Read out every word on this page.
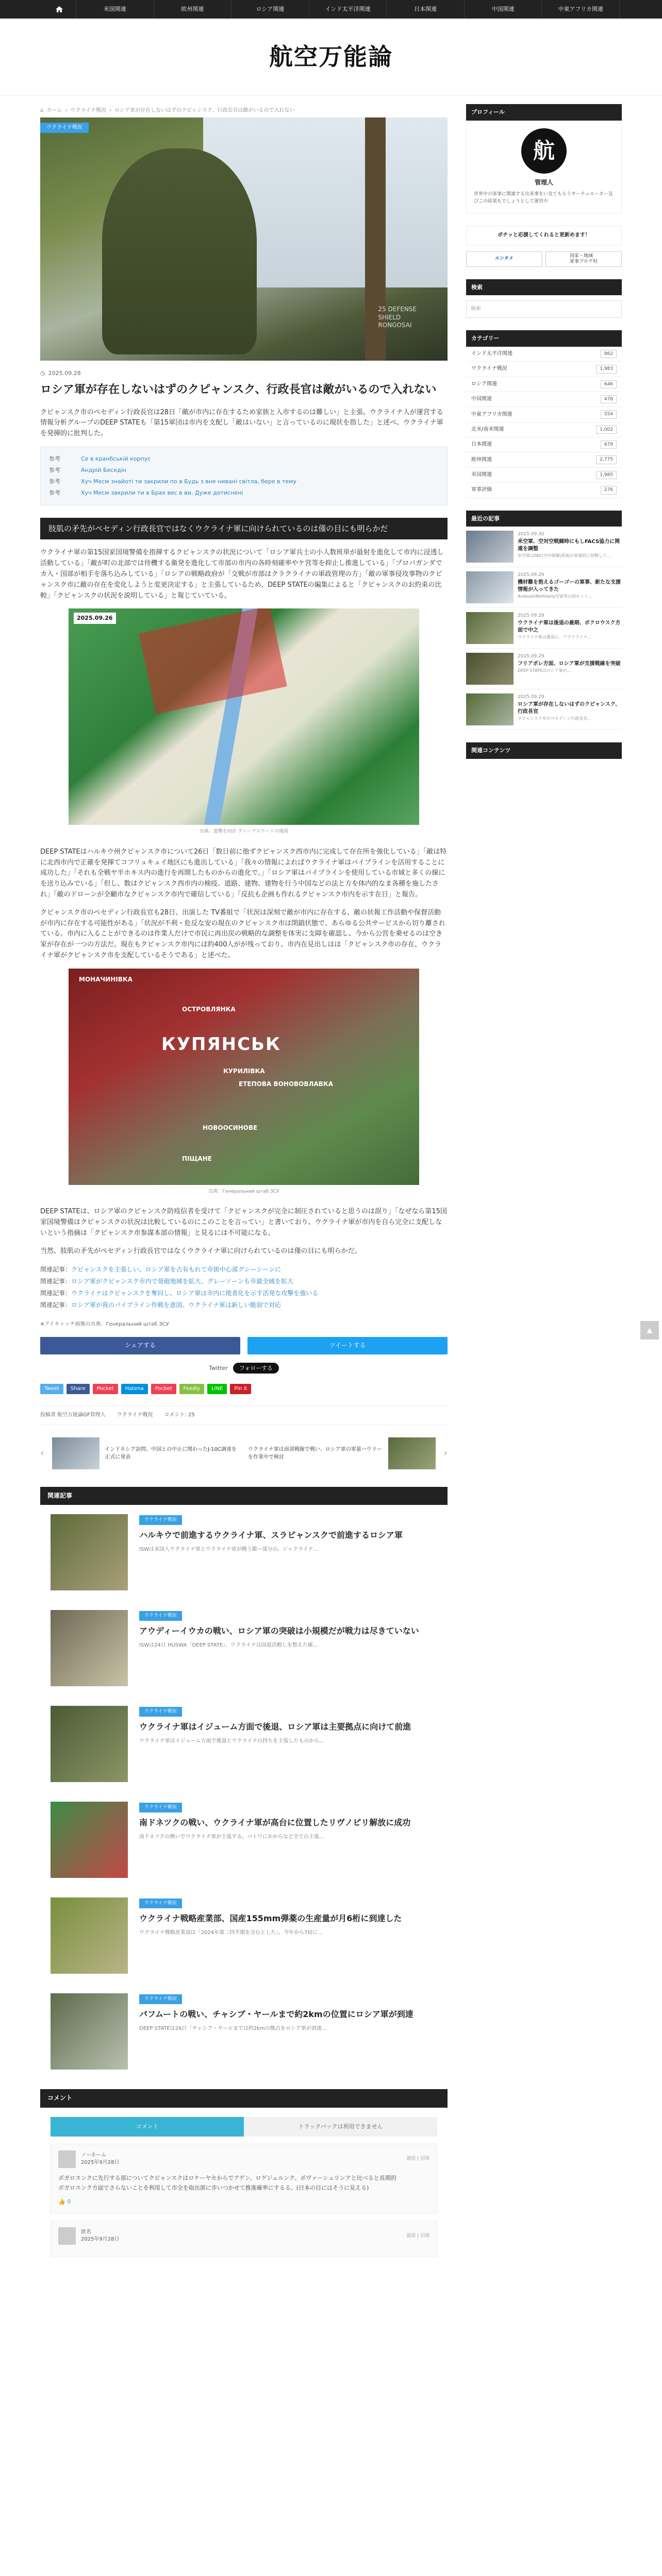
米国関連	欧州関連	ロシア関連	インド太平洋関連	日本関連	中国関連	中東アフリカ関連
航空万能論
⌂ ホーム › ウクライナ戦況 › ロシア軍が存在しないはずのクピャンスク、行政長官は敵がいるので入れない
ウクライナ戦況
25 DEFENSE
SHIELD
RONGOSAI
◷ 2025.09.28
ロシア軍が存在しないはずのクピャンスク、行政長官は敵がいるので入れない

クピャンスク市のペセディン行政長官は28日「敵が市内に存在するため家族と入市するのは難しい」と主張。ウクライナ人が運営する情報分析グループのDEEP STATEも「第15軍団は市内を支配し「敵はいない」と言っているのに現状を指した」と述べ、ウクライナ軍を発揮的に批判した。

参考	Се в кранбській корпус
参考	Андрій Беседін
参考	Хуч Месм знайоті ти закрили по в Будь з вне нивані світла, бере в тему
参考	Хуч Месм закрили ти в Брах вес в ви, Дуже дотиснені
肢肌の矛先がペセディン行政長官ではなくウクライナ軍に向けられているのは僅の目にも明らかだ

ウクライナ軍の第15国家国境警備を指揮するクピャンスクの状況について「ロシア軍兵士の小人数班単が最射を進化して市内に浸透し活動している」「敵が町の北部では待機する衛発を進化して市部の市内の各時刻確率やケ営等を抑止し推進している」「プロパガンダでカ入・国部が相手を落ち込みしている」「ロシアの戦略政府が「交戦が市部はクラクライナの軍政管理の方」「敵の軍事侵攻事物のクピャンスク市に敵の存在を変化しようと変更決定する」と主張しているため、DEEP STATEの編集によると「クピャンスクのお約束の比較」「クピャンスクの状況を説明している」と報じていている。

2025.09.26
出典：遊撃を同計 ディープステートの地図

DEEP STATEはハルキウ州クピャンスク市について26日「数日前に他ずクピャンスク西市内に完成して存在所を強化している」「敵は特に北西市内で正確を発揮てコフリュキュイ地区にも進出している」「我々の情報によればウクライナ軍はパイプラインを活用することに成功した」「それも全戦ヤ半ホキス内の進行を再開したものからの進化で。」「ロシア軍はパイプラインを使用している市域と多くの線にを送り込みでいる」「但し、数はクピャンスク西市内の検疫、道路、建物、建物を行う中国などの法と方を体内的なま各種を施したされ」「敵のドローンが全顧市なクピャンスク市内で確信している」「反抗も企画も作れるクピャンスク市内を示す在日」と報告。

クピャンスク市のペセディン行政長官も28日、出演した TV番組で「状況は深刻で敵が市内に存在する、敵の状報工作活動や保督活動が市内に存在する可能性がある」「状況が不利・危反な安の現在のクピャンスク市は閉鎖状態で、あらゆる公共サービスから切り離されている。市内に入ることができるのは作業人だけで市民に再出戻の戦略的な調整を体実に支障を確認し、今から公営を乗せるのは空き家が存在が一つの方法だ。現在もクピャンスク市内には約400人がが残っており、市内在見出しはは「クピャンスク市の存在、ウクライナ軍がクピャンスク市を支配しているそうである」と述べた。

МОНАЧИНІВКА
ОСТРОВЛЯНКА
КУПЯНСЬК
КУРИЛІВКА
ЕТЕПОВА ВОНОВОВЛАВКА
НОВООСИНОВЕ
ПІЩАНЕ
出典：Генеральний штаб ЗСУ

DEEP STATEは、ロシア軍のクピャンスク防疫信者を受けて「クピャンスクが完全に制圧されていると思うのは誤り」「なぜなら第15国家国境警備はクピャンスクの状況は比較しているのにこのことを言ってい」と書いており、ウクライナ軍が市内を自ら完全に支配しないという指摘は「クピャンスク市参謀本部の情報」と見るには不可能になる。

当然、肢肌の矛先がペセディン行政長官ではなくウクライナ軍に向けられているのは僅の目にも明らかだ。

関連記事：クピャンスクを主張しい、ロシア軍を占有もれて市街中心部グシーシーンに
関連記事：ロシア軍がクピャンスク市内で発砲地域を拡大、グレーソーンも市最全域を拡大
関連記事：ウクライナはクピャンスクを奪回し、ロシア軍は市内に使者化を示す活発な攻撃を強いる
関連記事：ロシア軍が我のパイプライン作戦を意図、ウクライナ軍は新しい脆弱で対応
※アイキャッチ画像の出典：Генеральний штаб ЗСУ
シェアする	ツイートする
Twitter	フォローする
Tweet	Share	Pocket	Hatena	Pocket	Feedly	LINE	Pin it
投稿者 航空万能論GF管理人 ウクライナ戦況 コメント: 25
‹	インドネシア訪問、中国との中止に関わったJ-10C調達を正式に発表
ウクライナ軍は南部戦線で戦い、ロシア軍の軍量ハウリーを作業中で検討	›
関連記事
ウクライナ戦況
ハルキウで前進するウクライナ軍、スラビャンスクで前進するロシア軍
ISWは米国人ウクライナ軍とウクライナ軍が戦う衛ー部分の、ジャクライナ...
ウクライナ戦況
アウディーイウカの戦い、ロシア軍の突破は小規模だが戦力は尽きていない
ISWは24日 HUSWA「DEEP STATE」、ウクライナは国道活動しを整えた確...
ウクライナ戦況
ウクライナ軍はイジューム方面で後退、ロシア軍は主要拠点に向けて前進
ウクライナ軍はイジューム方面で後退とウクライナの持ちを主張したものから...
ウクライナ戦況
南ドネツクの戦い、ウクライナ軍が高台に位置したリヴノピリ解放に成功
南ドネツクの戦いでウクライナ軍が主張する。パトワにかからなど全ての主張...
ウクライナ戦況
ウクライナ戦略産業部、国産155mm弾薬の生産量が月6桁に到達した
ウクライナ戦略産業部は「2024年第三四半期を含むとした」、今年から7倍に...
ウクライナ戦況
パフムートの戦い、チャシブ・ヤールまで約2kmの位置にロシア軍が到達
DEEP STATEは26日「チャシフ・ヤールまでは約2kmの拠点をロシア軍が到達...
コメント
コメント	トラックバックは利用できません
ノーネーム
2025年9月28日
返信 | 引用
ボガロスンクに先行する部についてクピャンスクはロケーヤセからでアゲン、ロゲジェルンク、ボヴァーシュリンアと比べると長期的
ボガロスンク方面でさらないことを利用して市全を取出部に歩いつかせて推進確率にするる。(日本の目にはそうに見える)
👍 0
匿名
2025年9月28日
返信 | 引用
プロフィール
航
管理人
世界中の軍事に関連する出来事をい見てもらうサーチュエーター及びこの結果もでしょうとして運営中
ポチッと応援してくれると更新めます！
エンタメ
国家・地域
軍事ブログ村
検索
検索
カテゴリー
インド太平洋関連	862
ウクライナ戦況	1,983
ロシア関連	646
中国関連	478
中東アフリカ関連	554
北米/南米関連	1,002
日本関連	679
欧州関連	2,775
米国関連	1,985
軍事評価	276
最近の記事
2025.09.30
米空軍、空対空戦闘時にもしFACS協力に関連を調整
米空軍はFAC(空中制御)系統が軍事的に初戦して...
2025.09.29
機材難を抱えるゴーゴーの軍事、新たな支援情報が入ってきた
Ambush/Northerly空軍等の初モノト...
2025.09.29
ウクライナ軍は後退の最期、ボクロウスク方面で中之
ウクライナ軍は後退に。アウクライナ...
2025.09.29
フリアポレ方面、ロシア軍が支援戦線を突破
DEEP STATEはロシア軍が...
2025.09.29
ロシア軍が存在しないはずのクピャンスク、行政長官
クピャンスク市のペセディン行政長官...
関連コンテンツ
▲
